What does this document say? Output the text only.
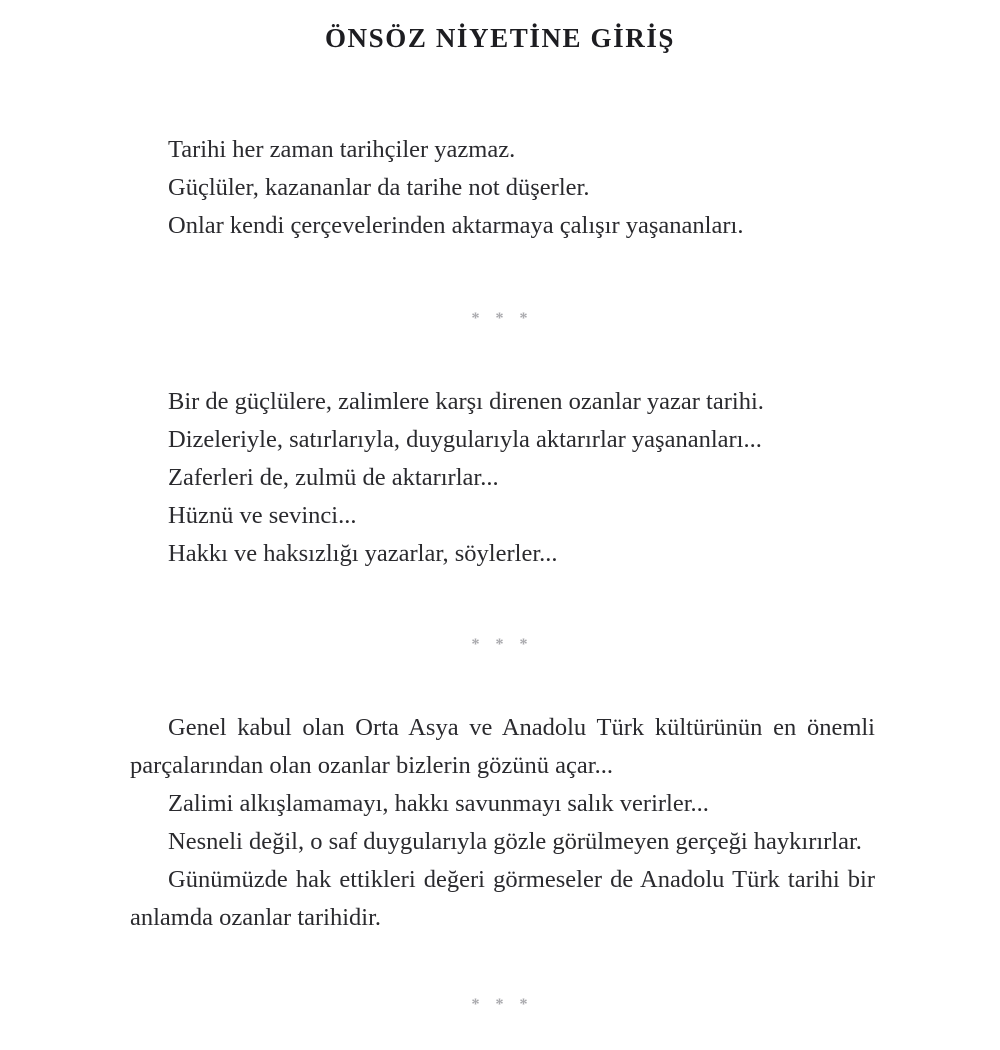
ÖNSÖZ NİYETİNE GİRİŞ
Tarihi her zaman tarihçiler yazmaz.
Güçlüler, kazananlar da tarihe not düşerler.
Onlar kendi çerçevelerinden aktarmaya çalışır yaşananları.
* * *
Bir de güçlülere, zalimlere karşı direnen ozanlar yazar tarihi.
Dizeleriyle, satırlarıyla, duygularıyla aktarırlar yaşananları...
Zaferleri de, zulmü de aktarırlar...
Hüznü ve sevinci...
Hakkı ve haksızlığı yazarlar, söylerler...
* * *

Genel kabul olan Orta Asya ve Anadolu Türk kültürünün en önemli parçalarından olan ozanlar bizlerin gözünü açar...

Zalimi alkışlamamayı, hakkı savunmayı salık verirler...

Nesneli değil, o saf duygularıyla gözle görülmeyen gerçeği haykırırlar.

Günümüzde hak ettikleri değeri görmeseler de Anadolu Türk tarihi bir anlamda ozanlar tarihidir.

* * *
